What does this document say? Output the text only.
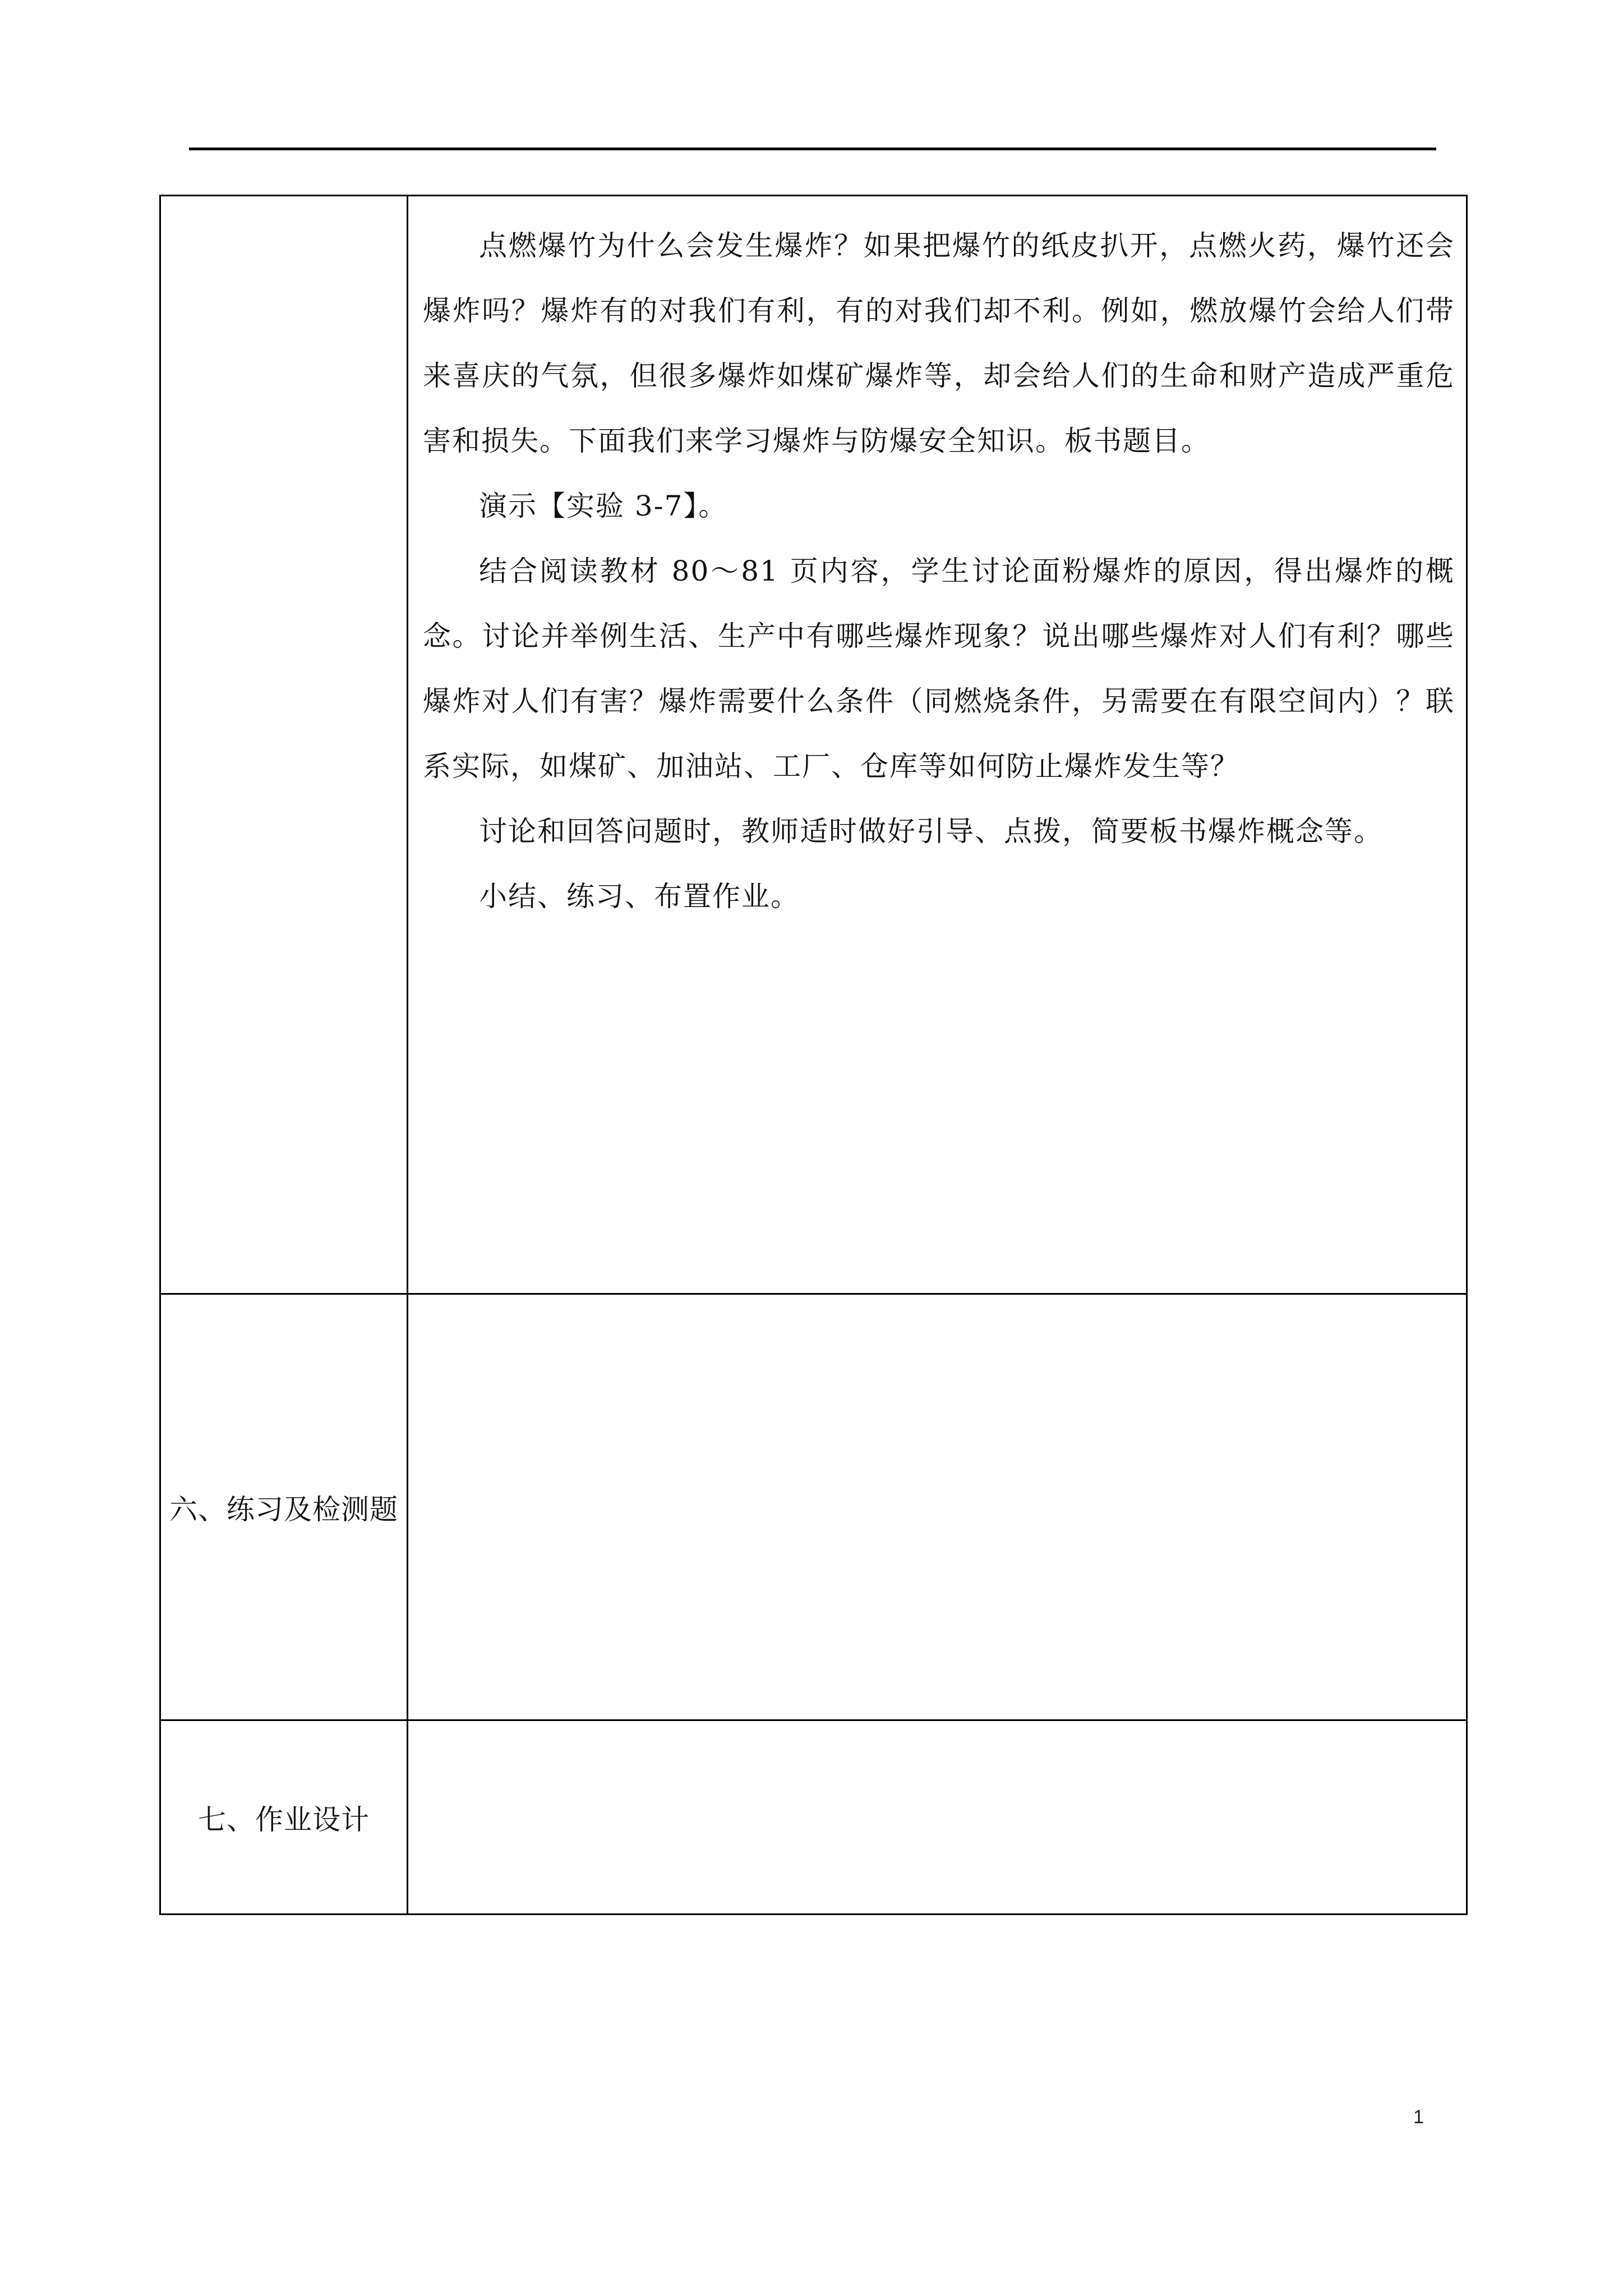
	点燃爆竹为什么会发生爆炸？如果把爆竹的纸皮扒开，点燃火药，爆竹还会爆炸吗？爆炸有的对我们有利，有的对我们却不利。例如，燃放爆竹会给人们带来喜庆的气氛，但很多爆炸如煤矿爆炸等，却会给人们的生命和财产造成严重危害和损失。下面我们来学习爆炸与防爆安全知识。板书题目。

演示【实验 3-7】。

结合阅读教材 80～81 页内容，学生讨论面粉爆炸的原因，得出爆炸的概念。讨论并举例生活、生产中有哪些爆炸现象？说出哪些爆炸对人们有利？哪些爆炸对人们有害？爆炸需要什么条件（同燃烧条件，另需要在有限空间内）？联系实际，如煤矿、加油站、工厂、仓库等如何防止爆炸发生等？

讨论和回答问题时，教师适时做好引导、点拨，简要板书爆炸概念等。

小结、练习、布置作业。

六、练习及检测题	
七、作业设计	
1
